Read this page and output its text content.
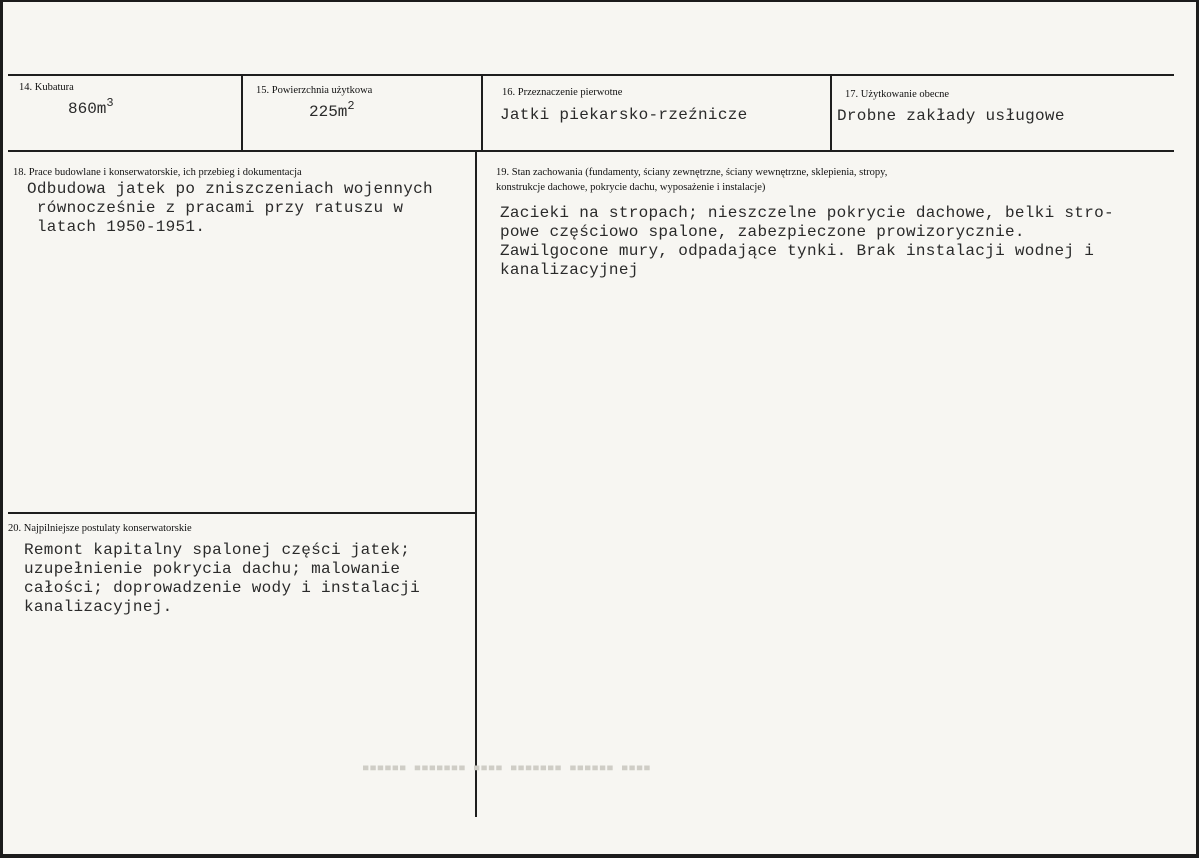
14. Kubatura
$860m^3$
15. Powierzchnia użytkowa
$225m^2$
16. Przeznaczenie pierwotne
Jatki piekarsko-rzeźnicze
17. Użytkowanie obecne
Drobne zakłady usługowe
18. Prace budowlane i konserwatorskie, ich przebieg i dokumentacja
Odbudowa jatek po zniszczeniach wojennych
równocześnie z pracami przy ratuszu w
latach 1950-1951.
19. Stan zachowania (fundamenty, ściany zewnętrzne, ściany wewnętrzne, sklepienia, stropy,
konstrukcje dachowe, pokrycie dachu, wyposażenie i instalacje)
Zacieki na stropach; nieszczelne pokrycie dachowe, belki stro-
powe częściowo spalone, zabezpieczone prowizorycznie.
Zawilgocone mury, odpadające tynki. Brak instalacji wodnej i
kanalizacyjnej
20. Najpilniejsze postulaty konserwatorskie
Remont kapitalny spalonej części jatek;
uzupełnienie pokrycia dachu; malowanie
całości; doprowadzenie wody i instalacji
kanalizacyjnej.
▀▀▀▀▀▀ ▀▀▀▀▀▀▀ ▀▀▀▀ ▀▀▀▀▀▀▀ ▀▀▀▀▀▀ ▀▀▀▀
